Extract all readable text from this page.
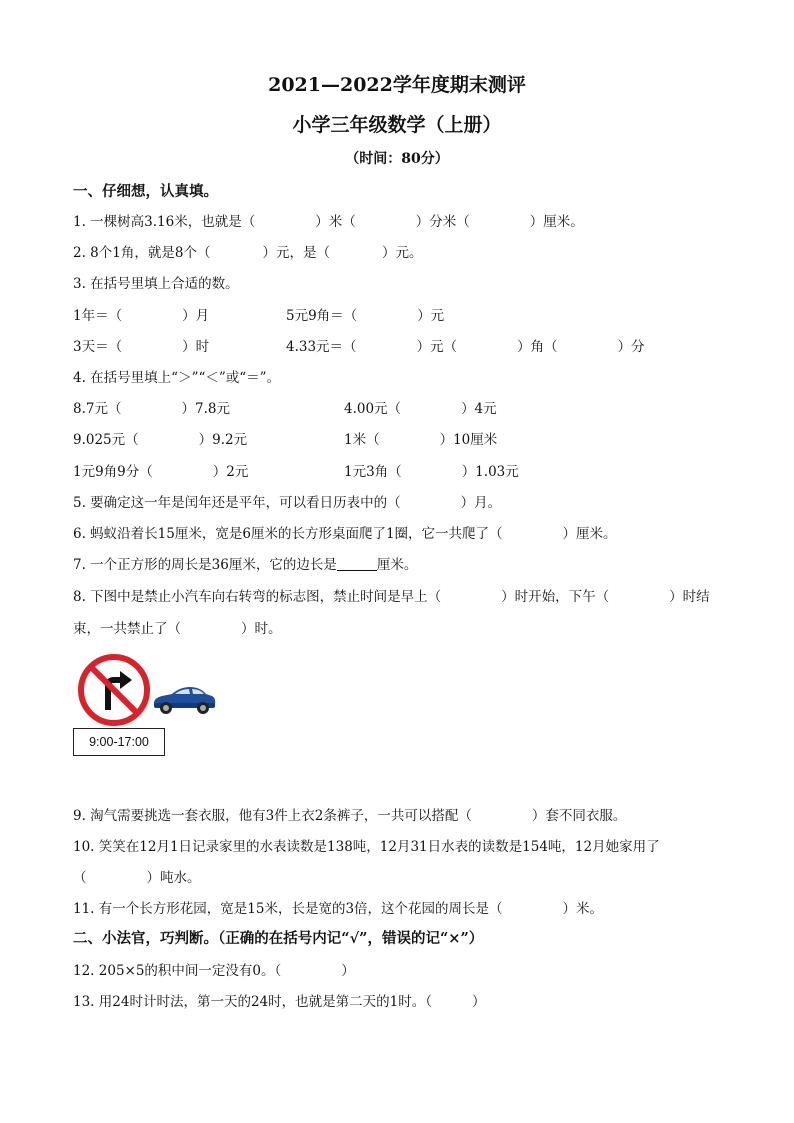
2021—2022学年度期末测评
小学三年级数学（上册）
（时间：80分）
一、仔细想，认真填。
1. 一棵树高3.16米，也就是（	）米（	）分米（	）厘米。
2. 8个1角，就是8个（	）元，是（	）元。
3. 在括号里填上合适的数。
1年＝（	）月	5元9角＝（	）元
3天＝（	）时	4.33元＝（	）元（	）角（	）分
4. 在括号里填上“＞”“＜”或“＝”。
8.7元（	）7.8元	4.00元（	）4元
9.025元（	）9.2元	1米（	）10厘米
1元9角9分（	）2元	1元3角（	）1.03元
5. 要确定这一年是闰年还是平年，可以看日历表中的（	）月。
6. 蚂蚁沿着长15厘米，宽是6厘米的长方形桌面爬了1圈，它一共爬了（	）厘米。
7. 一个正方形的周长是36厘米，它的边长是	厘米。
8. 下图中是禁止小汽车向右转弯的标志图，禁止时间是早上（	）时开始，下午（	）时结
束，一共禁止了（	）时。
9:00-17:00
9. 淘气需要挑选一套衣服，他有3件上衣2条裤子，一共可以搭配（	）套不同衣服。
10. 笑笑在12月1日记录家里的水表读数是138吨，12月31日水表的读数是154吨，12月她家用了
（	）吨水。
11. 有一个长方形花园，宽是15米，长是宽的3倍，这个花园的周长是（	）米。
二、小法官，巧判断。（正确的在括号内记“√”，错误的记“×”）
12. 205×5的积中间一定没有0。（	）
13. 用24时计时法，第一天的24时，也就是第二天的1时。（	）
